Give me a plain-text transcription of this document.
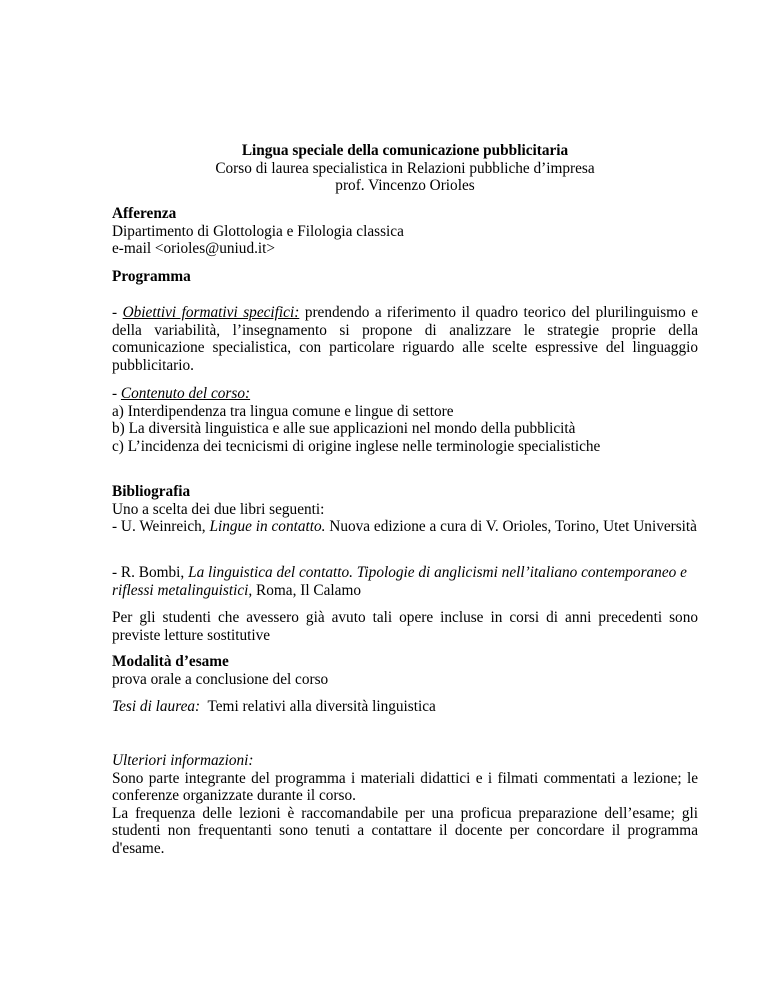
Lingua speciale della comunicazione pubblicitaria

Corso di laurea specialistica in Relazioni pubbliche d’impresa

prof. Vincenzo Orioles

Afferenza

Dipartimento di Glottologia e Filologia classica

e-mail <orioles@uniud.it>

Programma

- Obiettivi formativi specifici: prendendo a riferimento il quadro teorico del plurilinguismo e della variabilità, l’insegnamento si propone di analizzare le strategie proprie della comunicazione specialistica, con particolare riguardo alle scelte espressive del linguaggio pubblicitario.

- Contenuto del corso:

a) Interdipendenza tra lingua comune e lingue di settore

b) La diversità linguistica e alle sue applicazioni nel mondo della pubblicità

c) L’incidenza dei tecnicismi di origine inglese nelle terminologie specialistiche

Bibliografia

Uno a scelta dei due libri seguenti:

- U. Weinreich, Lingue in contatto. Nuova edizione a cura di V. Orioles, Torino, Utet Università

- R. Bombi, La linguistica del contatto. Tipologie di anglicismi nell’italiano contemporaneo e riflessi metalinguistici, Roma, Il Calamo

Per gli studenti che avessero già avuto tali opere incluse in corsi di anni precedenti sono previste letture sostitutive

Modalità d’esame

prova orale a conclusione del corso

Tesi di laurea:  Temi relativi alla diversità linguistica

Ulteriori informazioni:

Sono parte integrante del programma i materiali didattici e i filmati commentati a lezione; le conferenze organizzate durante il corso.

La frequenza delle lezioni è raccomandabile per una proficua preparazione dell’esame; gli studenti non frequentanti sono tenuti a contattare il docente per concordare il programma d'esame.
